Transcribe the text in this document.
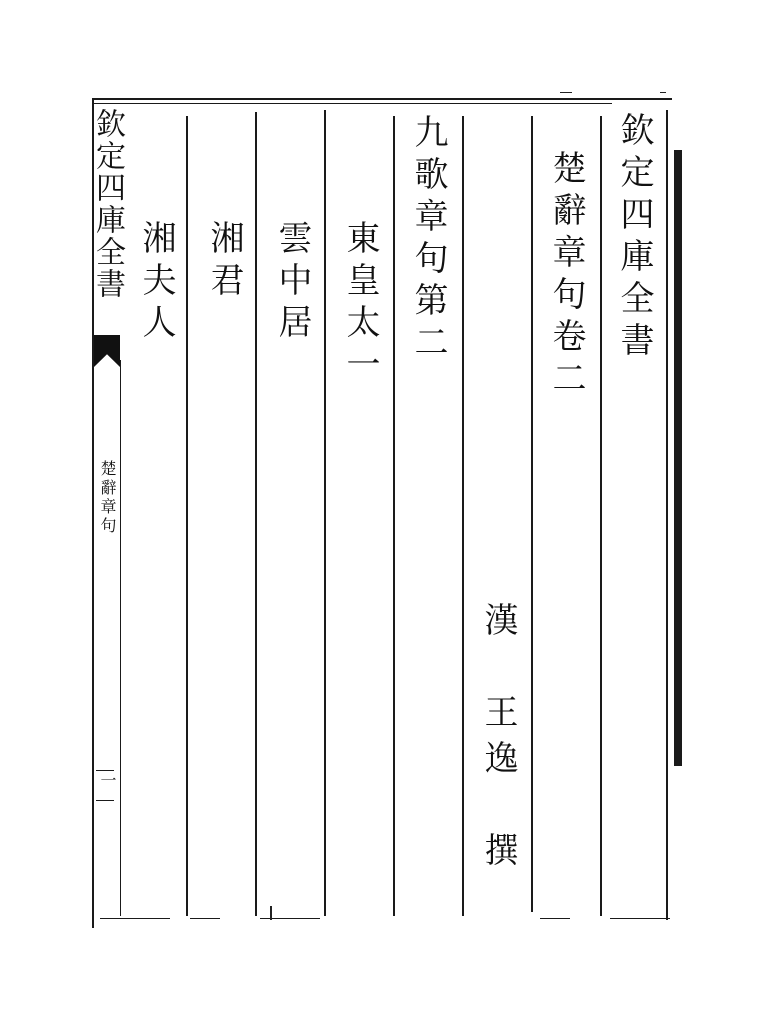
欽定四庫全書
楚辭章句
一
欽定四庫全書
楚辭章句卷二
漢　王逸　撰
九歌章句第二
東皇太一
雲中居
湘君
湘夫人
